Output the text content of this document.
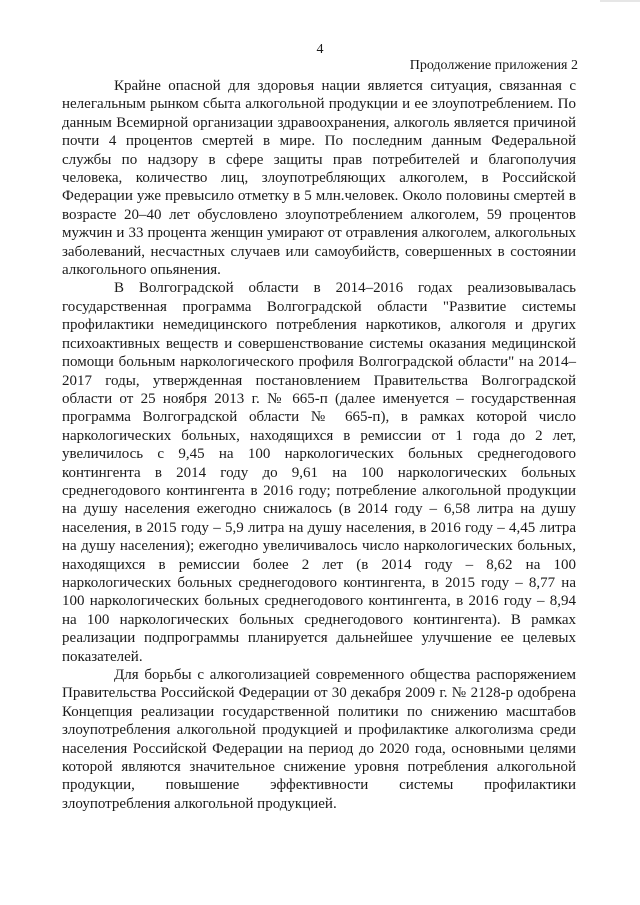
4

Продолжение приложения 2

Крайне опасной для здоровья нации является ситуация, связанная с нелегальным рынком сбыта алкогольной продукции и ее злоупотреблением. По данным Всемирной организации здравоохранения, алкоголь является причиной почти 4 процентов смертей в мире. По последним данным Федеральной службы по надзору в сфере защиты прав потребителей и благополучия человека, количество лиц, злоупотребляющих алкоголем, в Российской Федерации уже превысило отметку в 5 млн.человек. Около половины смертей в возрасте 20–40 лет обусловлено злоупотреблением алкоголем, 59 процентов мужчин и 33 процента женщин умирают от отравления алкоголем, алкогольных заболеваний, несчастных случаев или самоубийств, совершенных в состоянии алкогольного опьянения.

В Волгоградской области в 2014–2016 годах реализовывалась государственная программа Волгоградской области "Развитие системы профилактики немедицинского потребления наркотиков, алкоголя и других психоактивных веществ и совершенствование системы оказания медицинской помощи больным наркологического профиля Волгоградской области" на 2014–2017 годы, утвержденная постановлением Правительства Волгоградской области от 25 ноября 2013 г. № 665-п (далее именуется – государственная программа Волгоградской области № 665-п), в рамках которой число наркологических больных, находящихся в ремиссии от 1 года до 2 лет, увеличилось с 9,45 на 100 наркологических больных среднегодового контингента в 2014 году до 9,61 на 100 наркологических больных среднегодового контингента в 2016 году; потребление алкогольной продукции на душу населения ежегодно снижалось (в 2014 году – 6,58 литра на душу населения, в 2015 году – 5,9 литра на душу населения, в 2016 году – 4,45 литра на душу населения); ежегодно увеличивалось число наркологических больных, находящихся в ремиссии более 2 лет (в 2014 году – 8,62 на 100 наркологических больных среднегодового контингента, в 2015 году – 8,77 на 100 наркологических больных среднегодового контингента, в 2016 году – 8,94 на 100 наркологических больных среднегодового контингента). В рамках реализации подпрограммы планируется дальнейшее улучшение ее целевых показателей.

Для борьбы с алкоголизацией современного общества распоряжением Правительства Российской Федерации от 30 декабря 2009 г. № 2128-р одобрена Концепция реализации государственной политики по снижению масштабов злоупотребления алкогольной продукцией и профилактике алкоголизма среди населения Российской Федерации на период до 2020 года, основными целями которой являются значительное снижение уровня потребления алкогольной продукции, повышение эффективности системы профилактики злоупотребления алкогольной продукцией.
